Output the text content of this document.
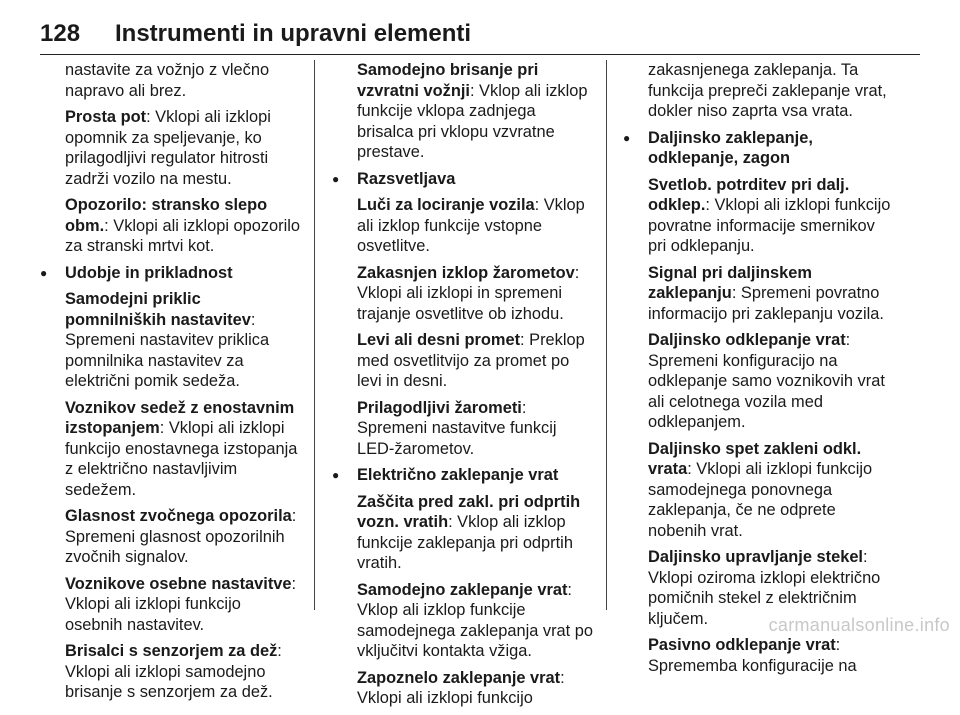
128 Instrumenti in upravni elementi

nastavite za vožnjo z vlečno napravo ali brez.

Prosta pot: Vklopi ali izklopi opomnik za speljevanje, ko prilagodljivi regulator hitrosti zadrži vozilo na mestu.

Opozorilo: stransko slepo obm.: Vklopi ali izklopi opozorilo za stranski mrtvi kot.

● Udobje in prikladnost

Samodejni priklic pomnilniških nastavitev: Spremeni nastavitev priklica pomnilnika nastavitev za električni pomik sedeža.

Voznikov sedež z enostavnim izstopanjem: Vklopi ali izklopi funkcijo enostavnega izstopanja z električno nastavljivim sedežem.

Glasnost zvočnega opozorila: Spremeni glasnost opozorilnih zvočnih signalov.

Voznikove osebne nastavitve: Vklopi ali izklopi funkcijo osebnih nastavitev.

Brisalci s senzorjem za dež: Vklopi ali izklopi samodejno brisanje s senzorjem za dež.

Samodejno brisanje pri vzvratni vožnji: Vklop ali izklop funkcije vklopa zadnjega brisalca pri vklopu vzvratne prestave.

● Razsvetljava

Luči za lociranje vozila: Vklop ali izklop funkcije vstopne osvetlitve.

Zakasnjen izklop žarometov: Vklopi ali izklopi in spremeni trajanje osvetlitve ob izhodu.

Levi ali desni promet: Preklop med osvetlitvijo za promet po levi in desni.

Prilagodljivi žarometi: Spremeni nastavitve funkcij LED-žarometov.

● Električno zaklepanje vrat

Zaščita pred zakl. pri odprtih vozn. vratih: Vklop ali izklop funkcije zaklepanja pri odprtih vratih.

Samodejno zaklepanje vrat: Vklop ali izklop funkcije samodejnega zaklepanja vrat po vključitvi kontakta vžiga.

Zapoznelo zaklepanje vrat: Vklopi ali izklopi funkcijo

zakasnjenega zaklepanja. Ta funkcija prepreči zaklepanje vrat, dokler niso zaprta vsa vrata.

● Daljinsko zaklepanje, odklepanje, zagon

Svetlob. potrditev pri dalj. odklep.: Vklopi ali izklopi funkcijo povratne informacije smernikov pri odklepanju.

Signal pri daljinskem zaklepanju: Spremeni povratno informacijo pri zaklepanju vozila.

Daljinsko odklepanje vrat: Spremeni konfiguracijo na odklepanje samo voznikovih vrat ali celotnega vozila med odklepanjem.

Daljinsko spet zakleni odkl. vrata: Vklopi ali izklopi funkcijo samodejnega ponovnega zaklepanja, če ne odprete nobenih vrat.

Daljinsko upravljanje stekel: Vklopi oziroma izklopi električno pomičnih stekel z električnim ključem.

Pasivno odklepanje vrat: Sprememba konfiguracije na

carmanualsonline.info
